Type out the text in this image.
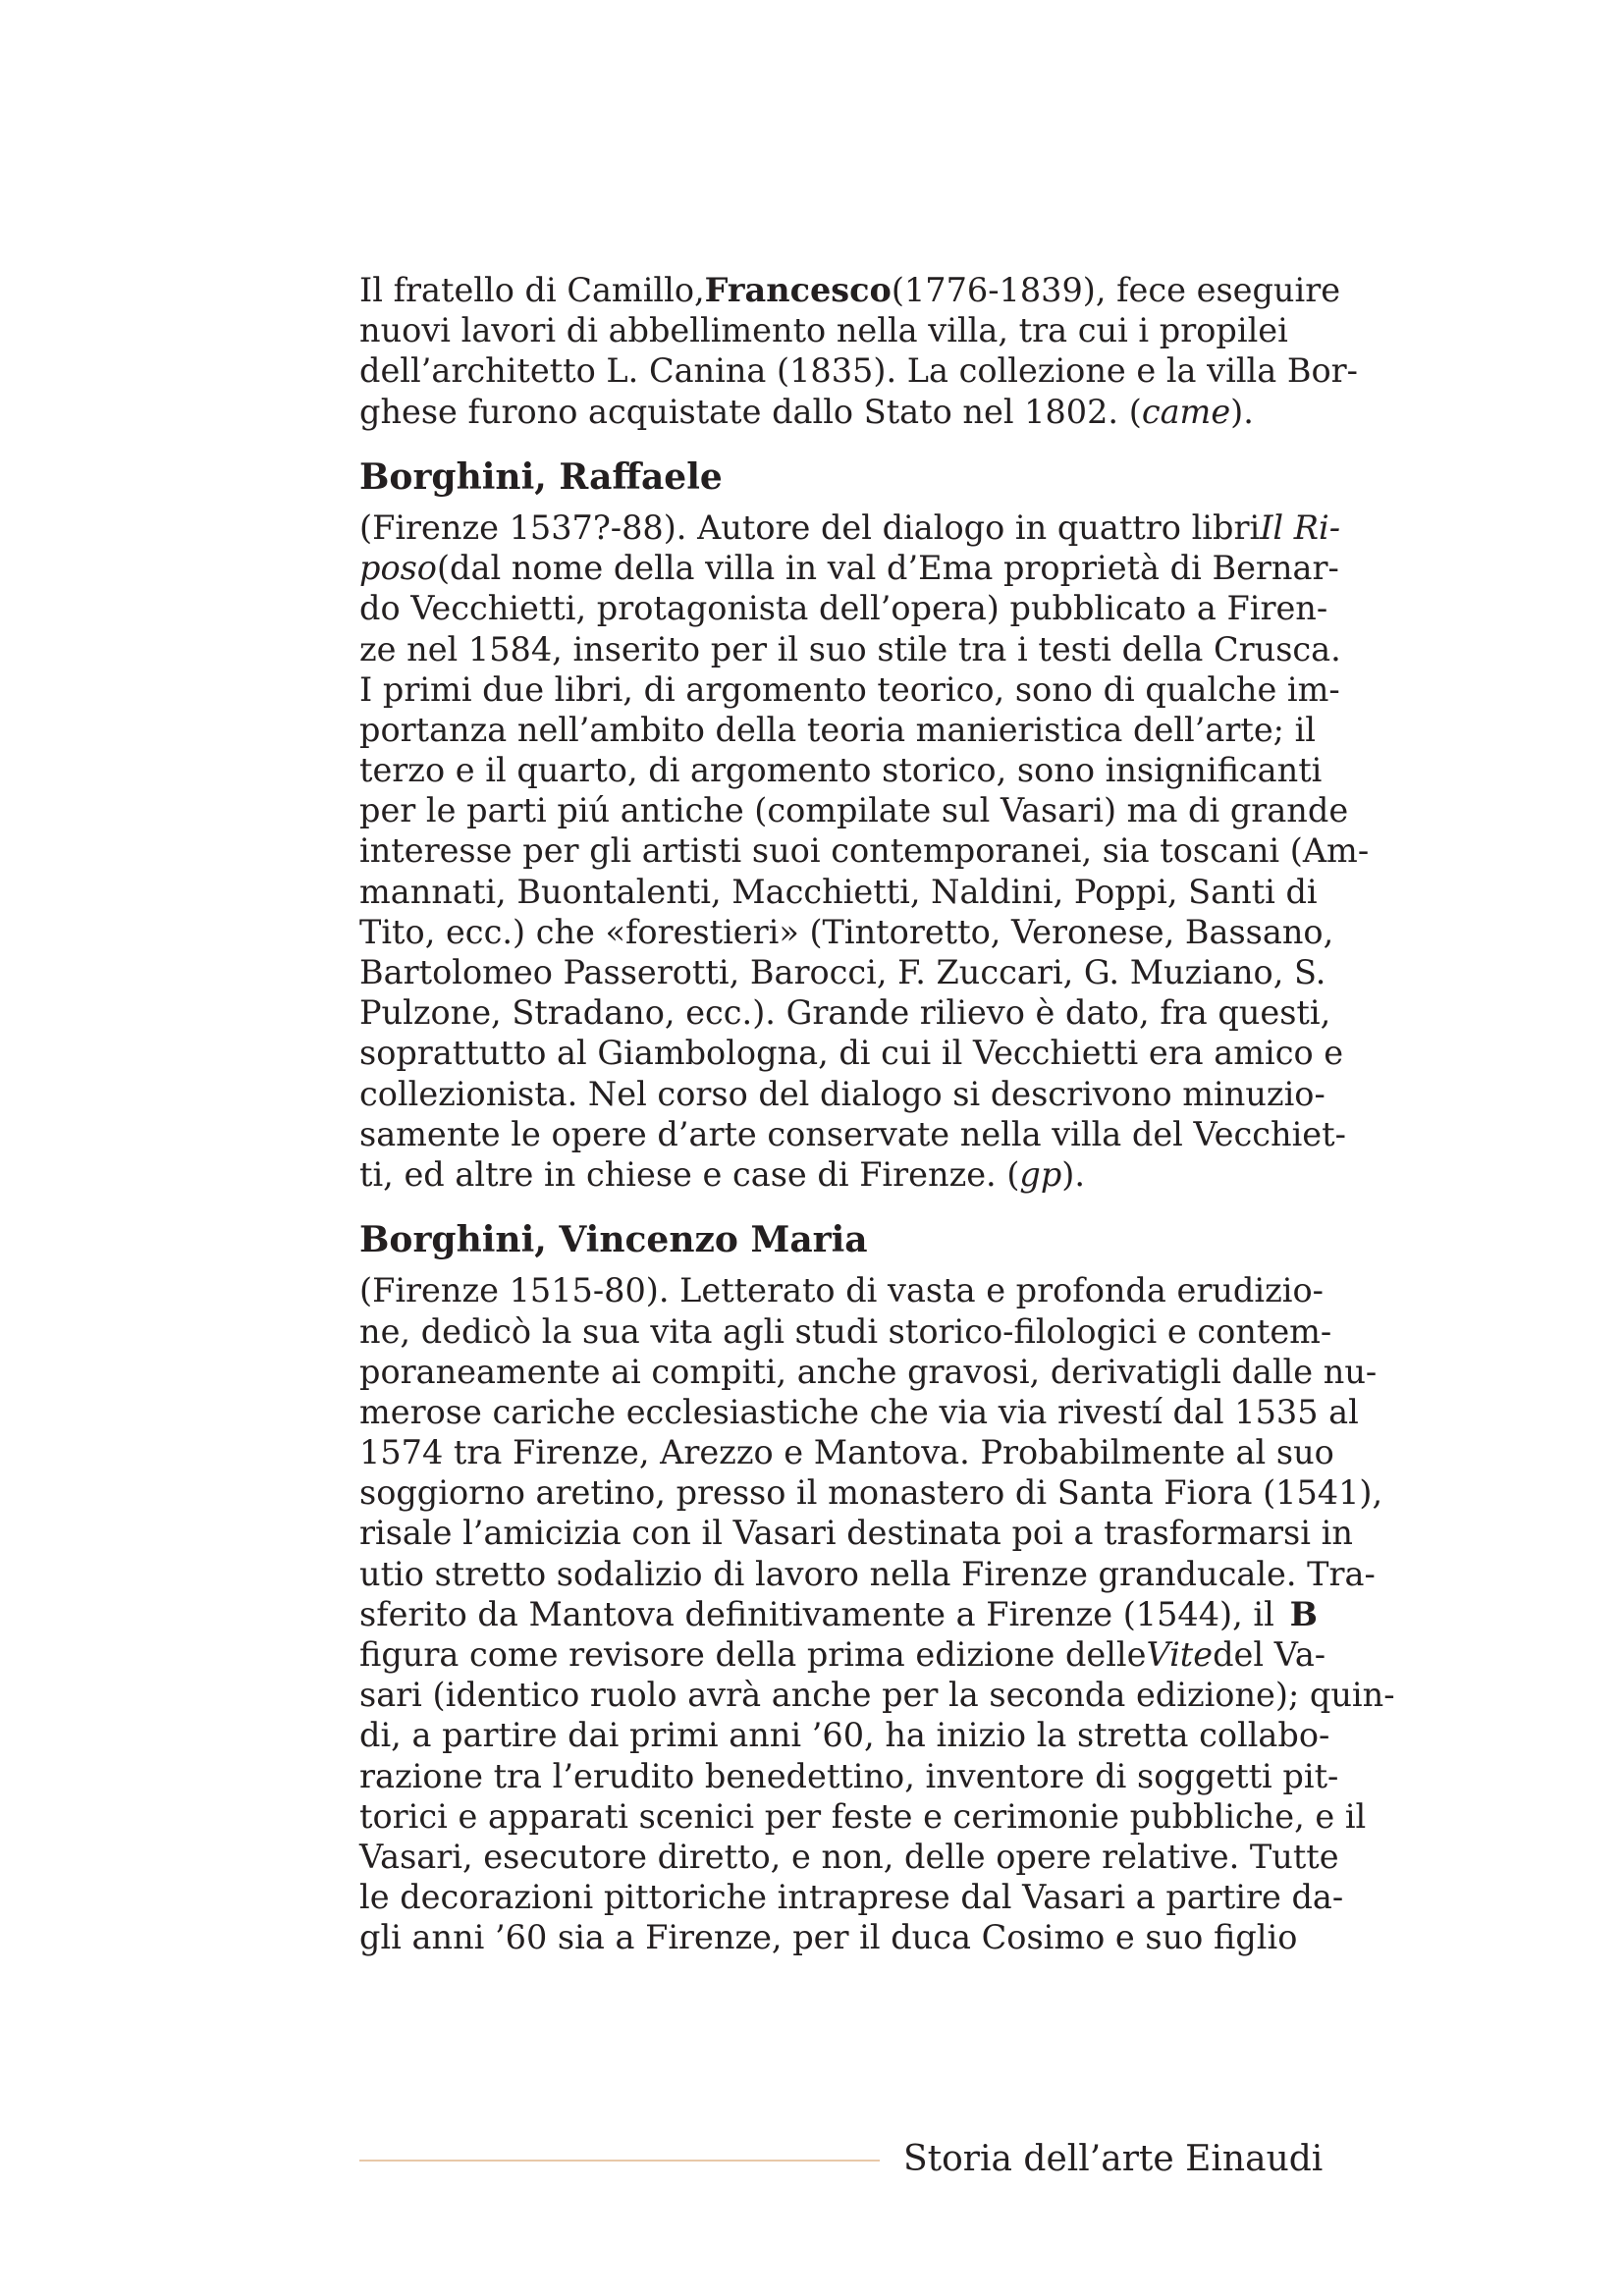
Il fratello di Camillo, Francesco (1776-1839), fece eseguire
nuovi lavori di abbellimento nella villa, tra cui i propilei
dell’architetto L. Canina (1835). La collezione e la villa Bor-
ghese furono acquistate dallo Stato nel 1802. ( came ).
Borghini, Raffaele
(Firenze 1537?-88). Autore del dialogo in quattro libri Il Ri-
poso (dal nome della villa in val d’Ema proprietà di Bernar-
do Vecchietti, protagonista dell’opera) pubblicato a Firen-
ze nel 1584, inserito per il suo stile tra i testi della Crusca.
I primi due libri, di argomento teorico, sono di qualche im-
portanza nell’ambito della teoria manieristica dell’arte; il
terzo e il quarto, di argomento storico, sono insignificanti
per le parti piú antiche (compilate sul Vasari) ma di grande
interesse per gli artisti suoi contemporanei, sia toscani (Am-
mannati, Buontalenti, Macchietti, Naldini, Poppi, Santi di
Tito, ecc.) che «forestieri» (Tintoretto, Veronese, Bassano,
Bartolomeo Passerotti, Barocci, F. Zuccari, G. Muziano, S.
Pulzone, Stradano, ecc.). Grande rilievo è dato, fra questi,
soprattutto al Giambologna, di cui il Vecchietti era amico e
collezionista. Nel corso del dialogo si descrivono minuzio-
samente le opere d’arte conservate nella villa del Vecchiet-
ti, ed altre in chiese e case di Firenze. ( gp ).
Borghini, Vincenzo Maria
(Firenze 1515-80). Letterato di vasta e profonda erudizio-
ne, dedicò la sua vita agli studi storico-filologici e contem-
poraneamente ai compiti, anche gravosi, derivatigli dalle nu-
merose cariche ecclesiastiche che via via rivestí dal 1535 al
1574 tra Firenze, Arezzo e Mantova. Probabilmente al suo
soggiorno aretino, presso il monastero di Santa Fiora (1541),
risale l’amicizia con il Vasari destinata poi a trasformarsi in
utio stretto sodalizio di lavoro nella Firenze granducale. Tra-
sferito da Mantova definitivamente a Firenze (1544), il B
figura come revisore della prima edizione delle Vite del Va-
sari (identico ruolo avrà anche per la seconda edizione); quin-
di, a partire dai primi anni ’60, ha inizio la stretta collabo-
razione tra l’erudito benedettino, inventore di soggetti pit-
torici e apparati scenici per feste e cerimonie pubbliche, e il
Vasari, esecutore diretto, e non, delle opere relative. Tutte
le decorazioni pittoriche intraprese dal Vasari a partire da-
gli anni ’60 sia a Firenze, per il duca Cosimo e suo figlio
Storia dell’arte Einaudi
